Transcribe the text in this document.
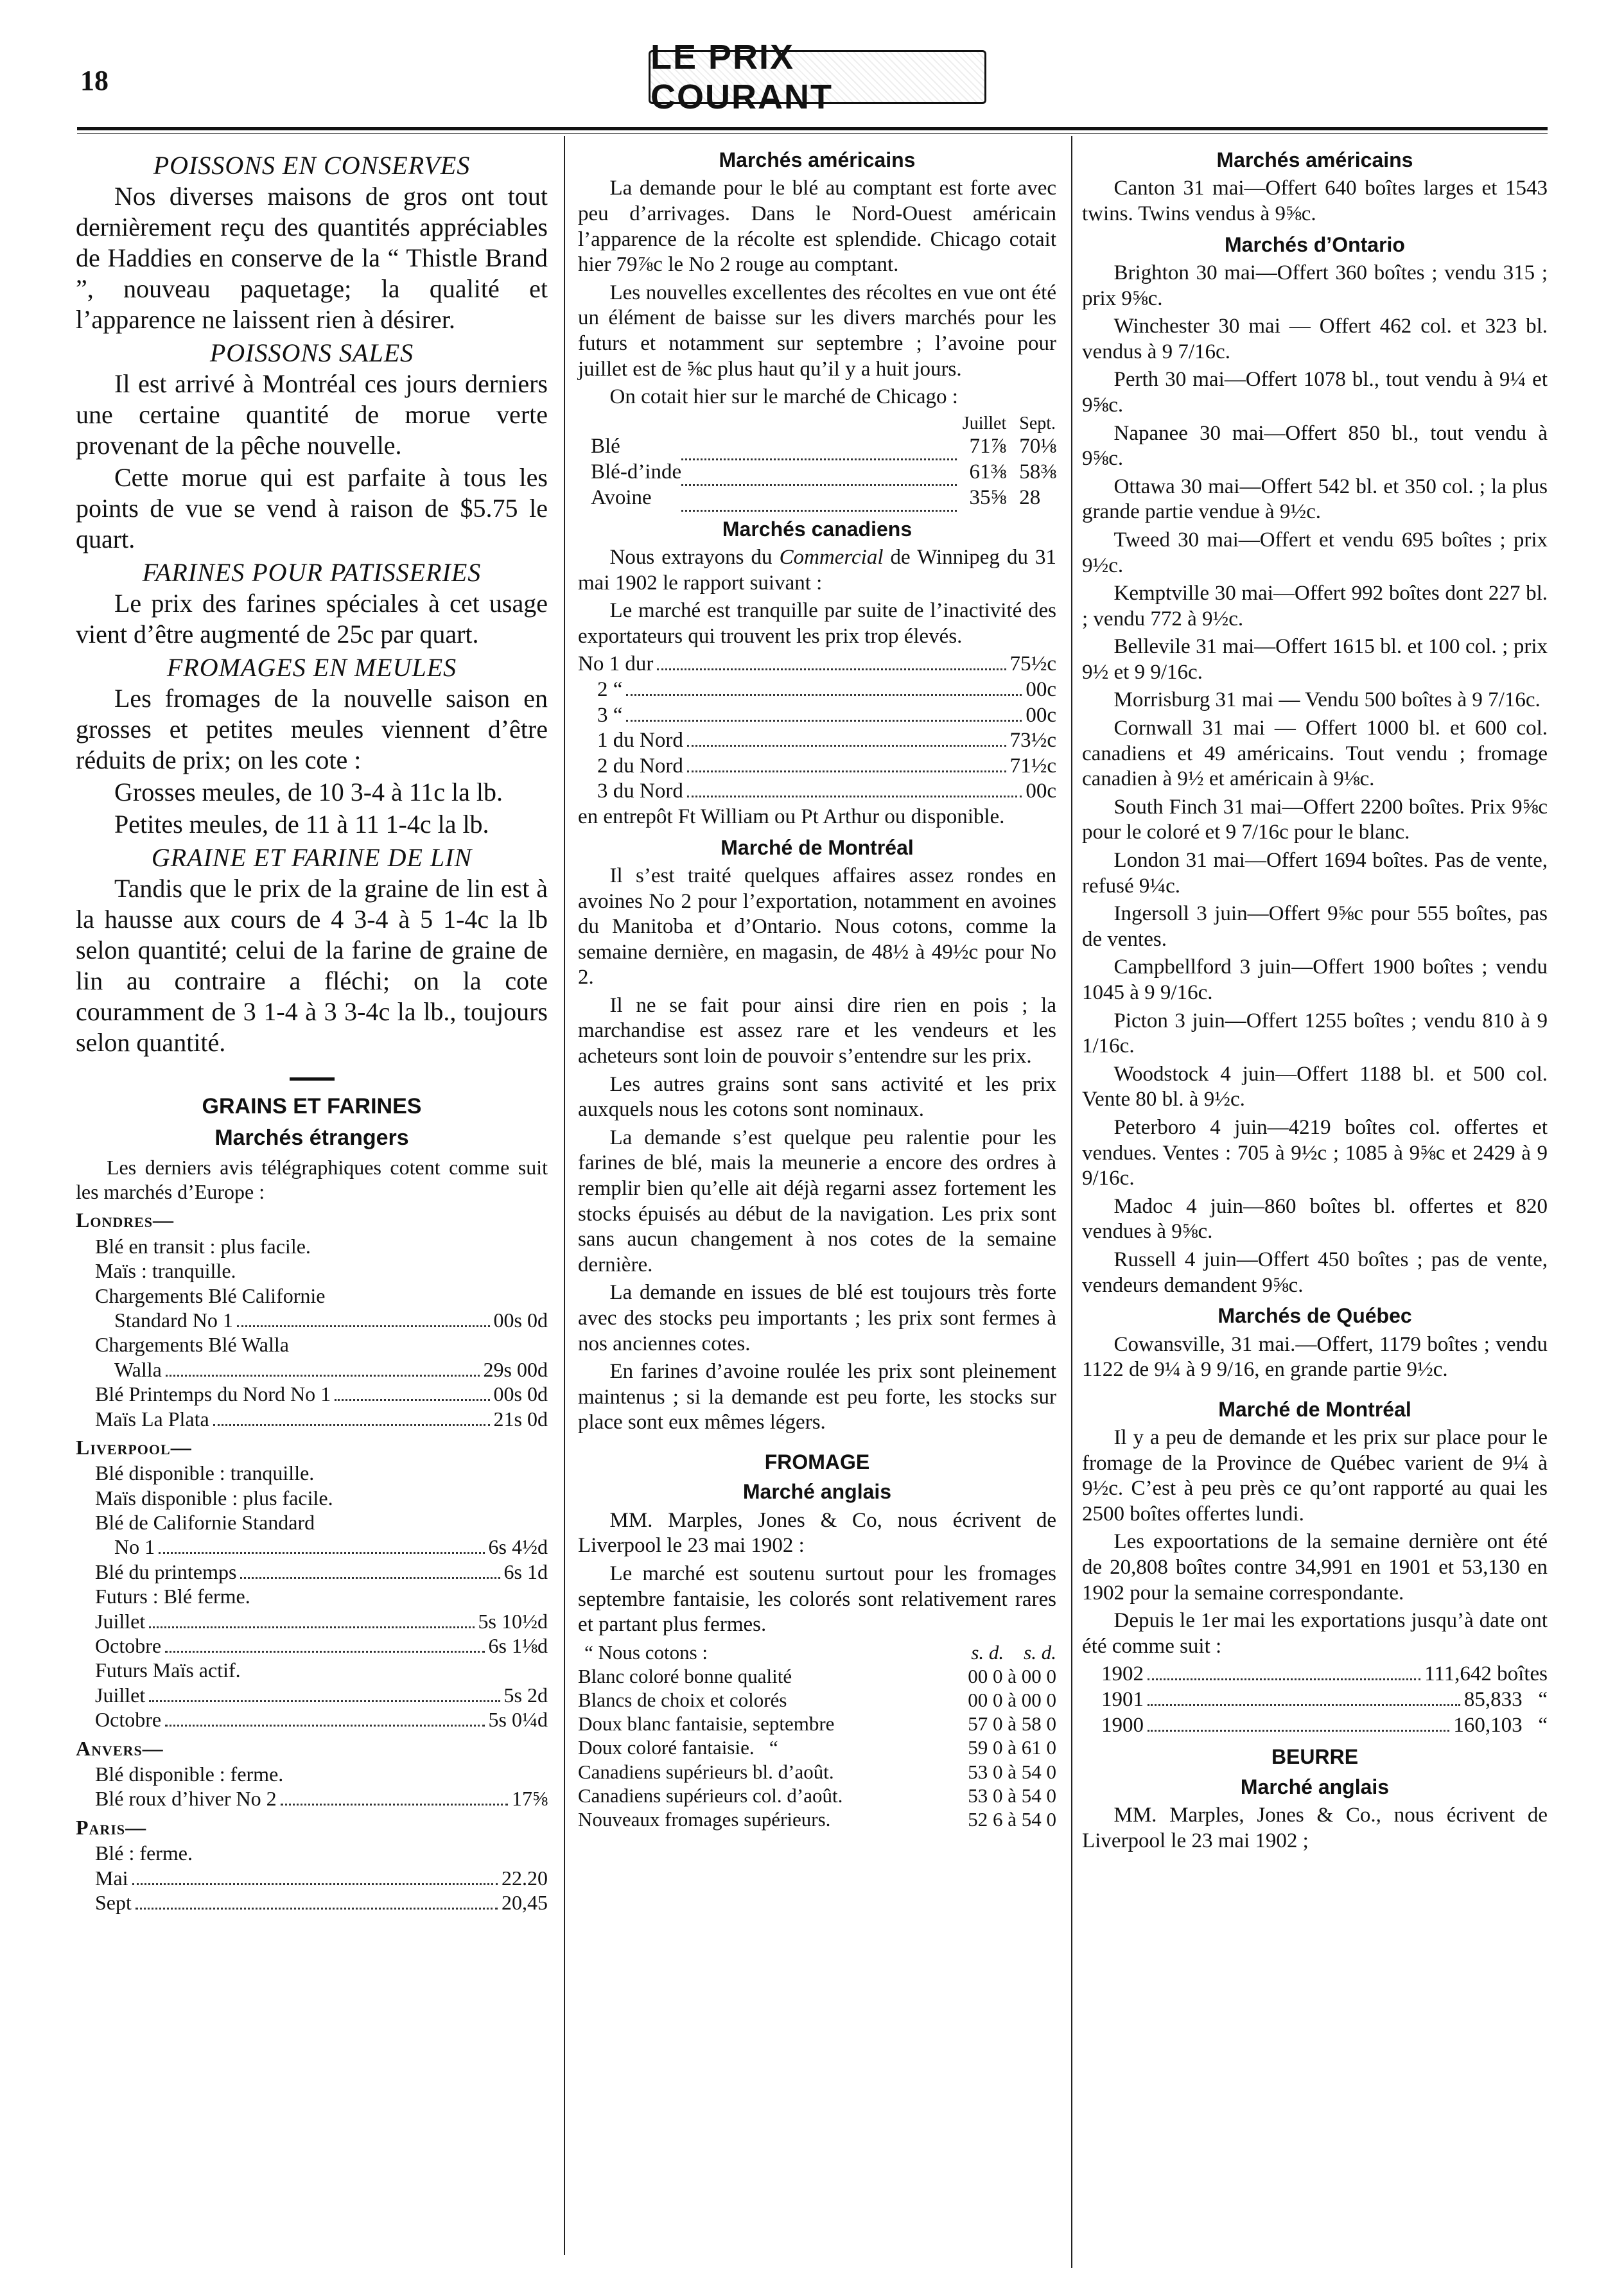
18
LE PRIX COURANT
POISSONS EN CONSERVES

Nos diverses maisons de gros ont tout dernièrement reçu des quantités appréciables de Haddies en conserve de la “ Thistle Brand ”, nouveau paquetage; la qualité et l’apparence ne laissent rien à désirer.

POISSONS SALES

Il est arrivé à Montréal ces jours derniers une certaine quantité de morue verte provenant de la pêche nouvelle.

Cette morue qui est parfaite à tous les points de vue se vend à raison de $5.75 le quart.

FARINES POUR PATISSERIES

Le prix des farines spéciales à cet usage vient d’être augmenté de 25c par quart.

FROMAGES EN MEULES

Les fromages de la nouvelle saison en grosses et petites meules viennent d’être réduits de prix; on les cote :

Grosses meules, de 10 3-4 à 11c la lb.

Petites meules, de 11 à 11 1-4c la lb.

GRAINE ET FARINE DE LIN

Tandis que le prix de la graine de lin est à la hausse aux cours de 4 3-4 à 5 1-4c la lb selon quantité; celui de la farine de graine de lin au contraire a fléchi; on la cote couramment de 3 1-4 à 3 3-4c la lb., toujours selon quantité.

GRAINS ET FARINES
Marchés étrangers

Les derniers avis télégraphiques cotent comme suit les marchés d’Europe :

Londres—
Blé en transit : plus facile.
Maïs : tranquille.
Chargements Blé Californie
Standard No 1	00s 0d
Chargements Blé Walla
Walla	29s 00d
Blé Printemps du Nord No 1	00s 0d
Maïs La Plata	21s 0d
Liverpool—
Blé disponible : tranquille.
Maïs disponible : plus facile.
Blé de Californie Standard
No 1	6s 4½d
Blé du printemps	6s 1d
Futurs : Blé ferme.
Juillet	5s 10½d
Octobre	6s 1⅛d
Futurs Maïs actif.
Juillet	5s 2d
Octobre	5s 0¼d
Anvers—
Blé disponible : ferme.
Blé roux d’hiver No 2	17⅝
Paris—
Blé : ferme.
Mai	22.20
Sept	20,45
Marchés américains

La demande pour le blé au comptant est forte avec peu d’arrivages. Dans le Nord-Ouest américain l’apparence de la récolte est splendide. Chicago cotait hier 79⅞c le No 2 rouge au comptant.

Les nouvelles excellentes des récoltes en vue ont été un élément de baisse sur les divers marchés pour les futurs et notamment sur septembre ; l’avoine pour juillet est de ⅝c plus haut qu’il y a huit jours.

On cotait hier sur le marché de Chicago :

		Juillet	Sept.
Blé		71⅞	70⅛
Blé-d’inde		61⅜	58⅜
Avoine		35⅝	28
Marchés canadiens

Nous extrayons du Commercial de Winnipeg du 31 mai 1902 le rapport suivant :

Le marché est tranquille par suite de l’inactivité des exportateurs qui trouvent les prix trop élevés.

No 1 dur	75½c
2 “	00c
3 “	00c
1 du Nord	73½c
2 du Nord	71½c
3 du Nord	00c

en entrepôt Ft William ou Pt Arthur ou disponible.

Marché de Montréal

Il s’est traité quelques affaires assez rondes en avoines No 2 pour l’exportation, notamment en avoines du Manitoba et d’Ontario. Nous cotons, comme la semaine dernière, en magasin, de 48½ à 49½c pour No 2.

Il ne se fait pour ainsi dire rien en pois ; la marchandise est assez rare et les vendeurs et les acheteurs sont loin de pouvoir s’entendre sur les prix.

Les autres grains sont sans activité et les prix auxquels nous les cotons sont nominaux.

La demande s’est quelque peu ralentie pour les farines de blé, mais la meunerie a encore des ordres à remplir bien qu’elle ait déjà regarni assez fortement les stocks épuisés au début de la navigation. Les prix sont sans aucun changement à nos cotes de la semaine dernière.

La demande en issues de blé est toujours très forte avec des stocks peu importants ; les prix sont fermes à nos anciennes cotes.

En farines d’avoine roulée les prix sont pleinement maintenus ; si la demande est peu forte, les stocks sur place sont eux mêmes légers.

FROMAGE
Marché anglais

MM. Marples, Jones & Co, nous écrivent de Liverpool le 23 mai 1902 :

Le marché est soutenu surtout pour les fromages septembre fantaisie, les colorés sont relativement rares et partant plus fermes.

“ Nous cotons :	s. d. s. d.
Blanc coloré bonne qualité	00 0 à 00 0
Blancs de choix et colorés	00 0 à 00 0
Doux blanc fantaisie, septembre	57 0 à 58 0
Doux coloré fantaisie.   “	59 0 à 61 0
Canadiens supérieurs bl. d’août.	53 0 à 54 0
Canadiens supérieurs col. d’août.	53 0 à 54 0
Nouveaux fromages supérieurs.	52 6 à 54 0
Marchés américains

Canton 31 mai—Offert 640 boîtes larges et 1543 twins. Twins vendus à 9⅝c.

Marchés d’Ontario

Brighton 30 mai—Offert 360 boîtes ; vendu 315 ; prix 9⅝c.

Winchester 30 mai — Offert 462 col. et 323 bl. vendus à 9 7/16c.

Perth 30 mai—Offert 1078 bl., tout vendu à 9¼ et 9⅝c.

Napanee 30 mai—Offert 850 bl., tout vendu à 9⅝c.

Ottawa 30 mai—Offert 542 bl. et 350 col. ; la plus grande partie vendue à 9½c.

Tweed 30 mai—Offert et vendu 695 boîtes ; prix 9½c.

Kemptville 30 mai—Offert 992 boîtes dont 227 bl. ; vendu 772 à 9½c.

Bellevile 31 mai—Offert 1615 bl. et 100 col. ; prix 9½ et 9 9/16c.

Morrisburg 31 mai — Vendu 500 boîtes à 9 7/16c.

Cornwall 31 mai — Offert 1000 bl. et 600 col. canadiens et 49 américains. Tout vendu ; fromage canadien à 9½ et américain à 9⅛c.

South Finch 31 mai—Offert 2200 boîtes. Prix 9⅝c pour le coloré et 9 7/16c pour le blanc.

London 31 mai—Offert 1694 boîtes. Pas de vente, refusé 9¼c.

Ingersoll 3 juin—Offert 9⅝c pour 555 boîtes, pas de ventes.

Campbellford 3 juin—Offert 1900 boîtes ; vendu 1045 à 9 9/16c.

Picton 3 juin—Offert 1255 boîtes ; vendu 810 à 9 1/16c.

Woodstock 4 juin—Offert 1188 bl. et 500 col. Vente 80 bl. à 9½c.

Peterboro 4 juin—4219 boîtes col. offertes et vendues. Ventes : 705 à 9½c ; 1085 à 9⅝c et 2429 à 9 9/16c.

Madoc 4 juin—860 boîtes bl. offertes et 820 vendues à 9⅝c.

Russell 4 juin—Offert 450 boîtes ; pas de vente, vendeurs demandent 9⅝c.

Marchés de Québec

Cowansville, 31 mai.—Offert, 1179 boîtes ; vendu 1122 de 9¼ à 9 9/16, en grande partie 9½c.

Marché de Montréal

Il y a peu de demande et les prix sur place pour le fromage de la Province de Québec varient de 9¼ à 9½c. C’est à peu près ce qu’ont rapporté au quai les 2500 boîtes offertes lundi.

Les expoortations de la semaine dernière ont été de 20,808 boîtes contre 34,991 en 1901 et 53,130 en 1902 pour la semaine correspondante.

Depuis le 1er mai les exportations jusqu’à date ont été comme suit :

1902	111,642 boîtes
1901	85,833   “
1900	160,103   “
BEURRE
Marché anglais

MM. Marples, Jones & Co., nous écrivent de Liverpool le 23 mai 1902 ;
